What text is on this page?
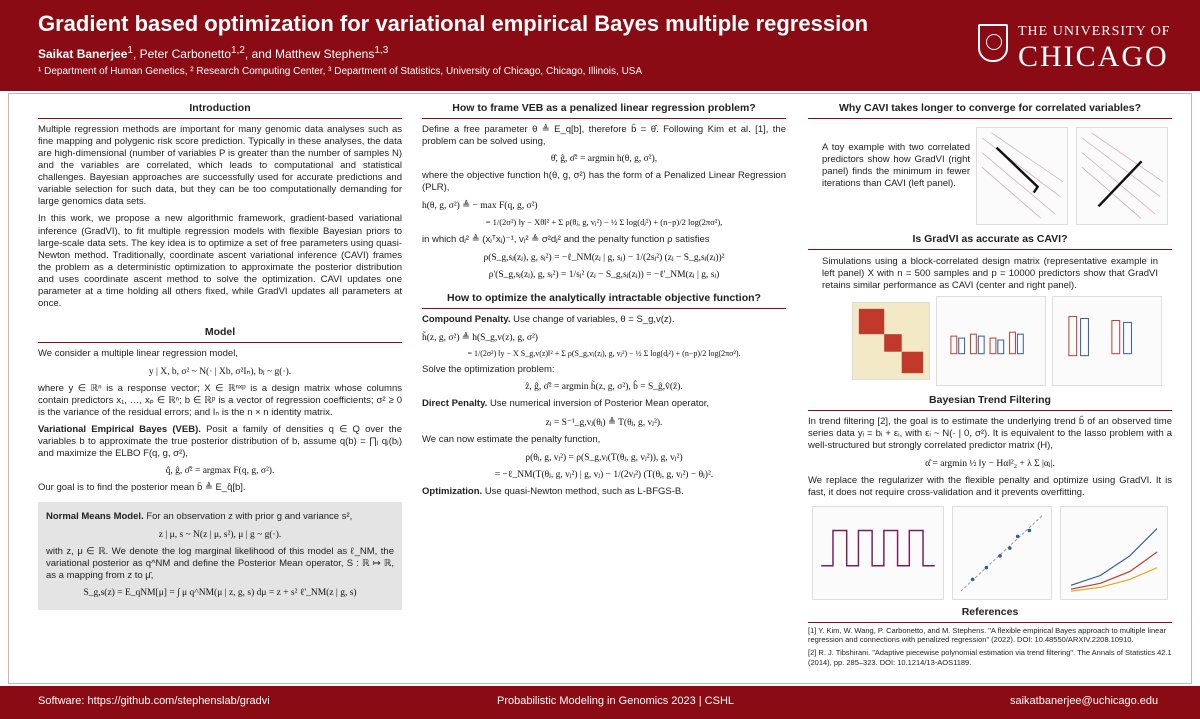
Gradient based optimization for variational empirical Bayes multiple regression
Saikat Banerjee$^1$, Peter Carbonetto$^{1,2}$, and Matthew Stephens$^{1,3}$
¹ Department of Human Genetics, ² Research Computing Center, ³ Department of Statistics, University of Chicago, Chicago, Illinois, USA
THE UNIVERSITY OF
CHICAGO
Introduction

Multiple regression methods are important for many genomic data analyses such as fine mapping and polygenic risk score prediction. Typically in these analyses, the data are high-dimensional (number of variables P is greater than the number of samples N) and the variables are correlated, which leads to computational and statistical challenges. Bayesian approaches are successfully used for accurate predictions and variable selection for such data, but they can be too computationally demanding for large genomics data sets.

In this work, we propose a new algorithmic framework, gradient-based variational inference (GradVI), to fit multiple regression models with flexible Bayesian priors to large-scale data sets. The key idea is to optimize a set of free parameters using quasi-Newton method. Traditionally, coordinate ascent variational inference (CAVI) frames the problem as a deterministic optimization to approximate the posterior distribution and uses coordinate ascent method to solve the optimization. CAVI updates one parameter at a time holding all others fixed, while GradVI updates all parameters at once.

Model

We consider a multiple linear regression model,

y | X, b, σ² ~ N(· | Xb, σ²Iₙ), bⱼ ~ g(·).

where y ∈ ℝⁿ is a response vector; X ∈ ℝⁿˣᵖ is a design matrix whose columns contain predictors x₁, …, xₚ ∈ ℝⁿ; b ∈ ℝᵖ is a vector of regression coefficients; σ² ≥ 0 is the variance of the residual errors; and Iₙ is the n × n identity matrix.

Variational Empirical Bayes (VEB). Posit a family of densities q ∈ Q over the variables b to approximate the true posterior distribution of b, assume q(b) = ∏ⱼ qⱼ(bⱼ) and maximize the ELBO F(q, g, σ²),

q̂, ĝ, σ̂² = argmax F(q, g, σ²).

Our goal is to find the posterior mean b̄ ≜ E_q̂[b].

Normal Means Model. For an observation z with prior g and variance s²,

z | μ, s ~ N(z | μ, s²), μ | g ~ g(·).

with z, μ ∈ ℝ. We denote the log marginal likelihood of this model as ℓ_NM, the variational posterior as q^NM and define the Posterior Mean operator, S : ℝ ↦ ℝ, as a mapping from z to μ̄,

S_g,s(z) = E_qNM[μ] = ∫ μ q^NM(μ | z, g, s) dμ = z + s² ℓ'_NM(z | g, s)
How to frame VEB as a penalized linear regression problem?

Define a free parameter θ ≜ E_q[b], therefore b̂ = θ̂. Following Kim et al. [1], the problem can be solved using,

θ̂, ĝ, σ̂² = argmin h(θ, g, σ²),

where the objective function h(θ, g, σ²) has the form of a Penalized Linear Regression (PLR),

h(θ, g, σ²) ≜ − max F(q, g, σ²)
= 1/(2σ²) ‖y − Xθ‖² + Σ ρ(θⱼ, g, vⱼ²) − ½ Σ log(dⱼ²) + (n−p)/2 log(2πσ²),

in which dⱼ² ≜ (xⱼᵀxⱼ)⁻¹, vⱼ² ≜ σ²dⱼ² and the penalty function ρ satisfies

ρ(S_g,sⱼ(zⱼ), g, sⱼ²) = −ℓ_NM(zⱼ | g, sⱼ) − 1/(2sⱼ²) (zⱼ − S_g,sⱼ(zⱼ))²
ρ'(S_g,sⱼ(zⱼ), g, sⱼ²) = 1/sⱼ² (zⱼ − S_g,sⱼ(zⱼ)) = −ℓ'_NM(zⱼ | g, sⱼ)
How to optimize the analytically intractable objective function?

Compound Penalty. Use change of variables, θ = S_g,v(z).

h̃(z, g, σ²) ≜ h(S_g,v(z), g, σ²)
= 1/(2σ²) ‖y − X S_g,v(z)‖² + Σ ρ(S_g,vⱼ(zⱼ), g, vⱼ²) − ½ Σ log(dⱼ²) + (n−p)/2 log(2πσ²).

Solve the optimization problem:

ẑ, ĝ, σ̂² = argmin h̃(z, g, σ²), b̂ = S_ĝ,v̂(ẑ).

Direct Penalty. Use numerical inversion of Posterior Mean operator,

zⱼ = S⁻¹_g,vⱼ(θⱼ) ≜ T(θⱼ, g, vⱼ²).

We can now estimate the penalty function,

ρ(θⱼ, g, vⱼ²) = ρ(S_g,vⱼ(T(θⱼ, g, vⱼ²)), g, vⱼ²)
= −ℓ_NM(T(θⱼ, g, vⱼ²) | g, vⱼ) − 1/(2vⱼ²) (T(θⱼ, g, vⱼ²) − θⱼ)².

Optimization. Use quasi-Newton method, such as L-BFGS-B.

Why CAVI takes longer to converge for correlated variables?

A toy example with two correlated predictors show how GradVI (right panel) finds the minimum in fewer iterations than CAVI (left panel).

Is GradVI as accurate as CAVI?

Simulations using a block-correlated design matrix (representative example in left panel) X with n = 500 samples and p = 10000 predictors show that GradVI retains similar performance as CAVI (center and right panel).

Bayesian Trend Filtering

In trend filtering [2], the goal is to estimate the underlying trend b̂ of an observed time series data yᵢ = bᵢ + εᵢ, with εᵢ ~ N(· | 0, σ²). It is equivalent to the lasso problem with a well-structured but strongly correlated predictor matrix (H),

α̂ = argmin ½ ‖y − Hα‖²₂ + λ Σ |αⱼ|.

We replace the regularizer with the flexible penalty and optimize using GradVI. It is fast, it does not require cross-validation and it prevents overfitting.

References

[1] Y. Kim, W. Wang, P. Carbonetto, and M. Stephens. "A flexible empirical Bayes approach to multiple linear regression and connections with penalized regression" (2022). DOI: 10.48550/ARXIV.2208.10910.

[2] R. J. Tibshirani. "Adaptive piecewise polynomial estimation via trend filtering". The Annals of Statistics 42.1 (2014), pp. 285–323. DOI: 10.1214/13-AOS1189.

Software: https://github.com/stephenslab/gradvi	Probabilistic Modeling in Genomics 2023 | CSHL	saikatbanerjee@uchicago.edu
